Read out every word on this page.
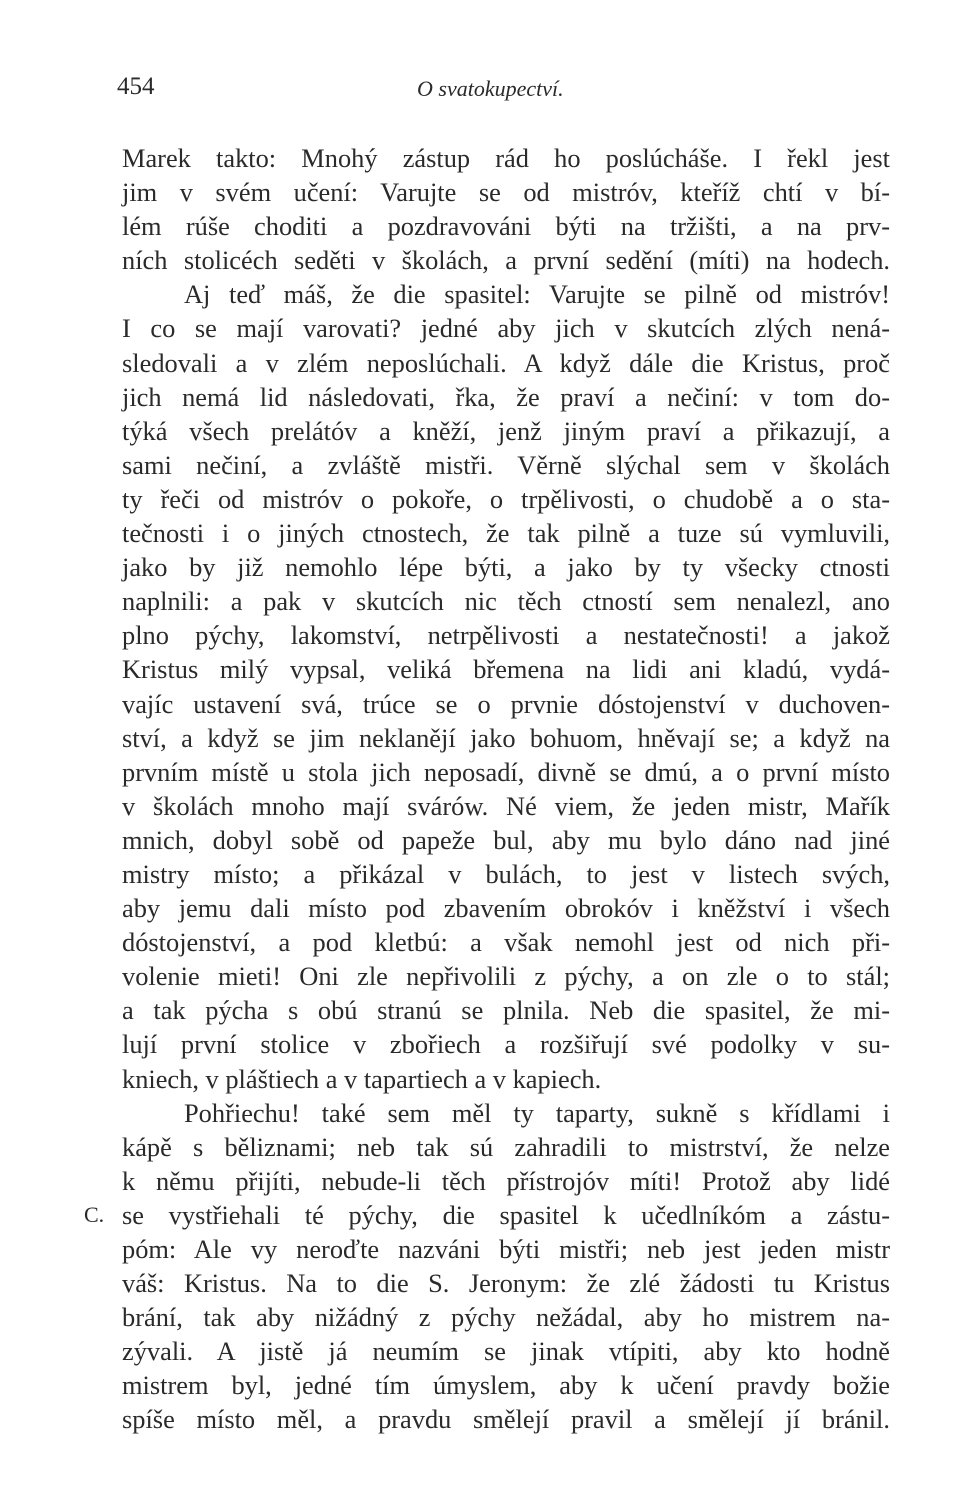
454	O svatokupectví.
C.
Marek takto: Mnohý zástup rád ho poslúcháše. I řekl jest
jim v svém učení: Varujte se od mistróv, kteříž chtí v bí-
lém rúše choditi a pozdravováni býti na tržišti, a na prv-
ních stolicéch seděti v školách, a první sedění (míti) na hodech.
Aj teď máš, že die spasitel: Varujte se pilně od mistróv!
I co se mají varovati? jedné aby jich v skutcích zlých nená-
sledovali a v zlém neposlúchali. A když dále die Kristus, proč
jich nemá lid následovati, řka, že praví a nečiní: v tom do-
týká všech prelátóv a kněží, jenž jiným praví a přikazují, a
sami nečiní, a zvláště mistři. Věrně slýchal sem v školách
ty řeči od mistróv o pokoře, o trpělivosti, o chudobě a o sta-
tečnosti i o jiných ctnostech, že tak pilně a tuze sú vymluvili,
jako by již nemohlo lépe býti, a jako by ty všecky ctnosti
naplnili: a pak v skutcích nic těch ctností sem nenalezl, ano
plno pýchy, lakomství, netrpělivosti a nestatečnosti! a jakož
Kristus milý vypsal, veliká břemena na lidi ani kladú, vydá-
vajíc ustavení svá, trúce se o prvnie dóstojenství v duchoven-
ství, a když se jim neklanějí jako bohuom, hněvají se; a když na
prvním místě u stola jich neposadí, divně se dmú, a o první místo
v školách mnoho mají svárów. Né viem, že jeden mistr, Mařík
mnich, dobyl sobě od papeže bul, aby mu bylo dáno nad jiné
mistry místo; a přikázal v bulách, to jest v listech svých,
aby jemu dali místo pod zbavením obrokóv i kněžství i všech
dóstojenství, a pod kletbú: a však nemohl jest od nich při-
volenie mieti! Oni zle nepřivolili z pýchy, a on zle o to stál;
a tak pýcha s obú stranú se plnila. Neb die spasitel, že mi-
lují první stolice v zbořiech a rozšiřují své podolky v su-
kniech, v pláštiech a v tapartiech a v kapiech.
Pohřiechu! také sem měl ty taparty, sukně s křídlami i
kápě s běliznami; neb tak sú zahradili to mistrství, že nelze
k němu přijíti, nebude-li těch přístrojóv míti! Protož aby lidé
se vystřiehali té pýchy, die spasitel k učedlníkóm a zástu-
póm: Ale vy neroďte nazváni býti mistři; neb jest jeden mistr
váš: Kristus. Na to die S. Jeronym: že zlé žádosti tu Kristus
brání, tak aby nižádný z pýchy nežádal, aby ho mistrem na-
zývali. A jistě já neumím se jinak vtípiti, aby kto hodně
mistrem byl, jedné tím úmyslem, aby k učení pravdy božie
spíše místo měl, a pravdu smělejí pravil a smělejí jí bránil.
